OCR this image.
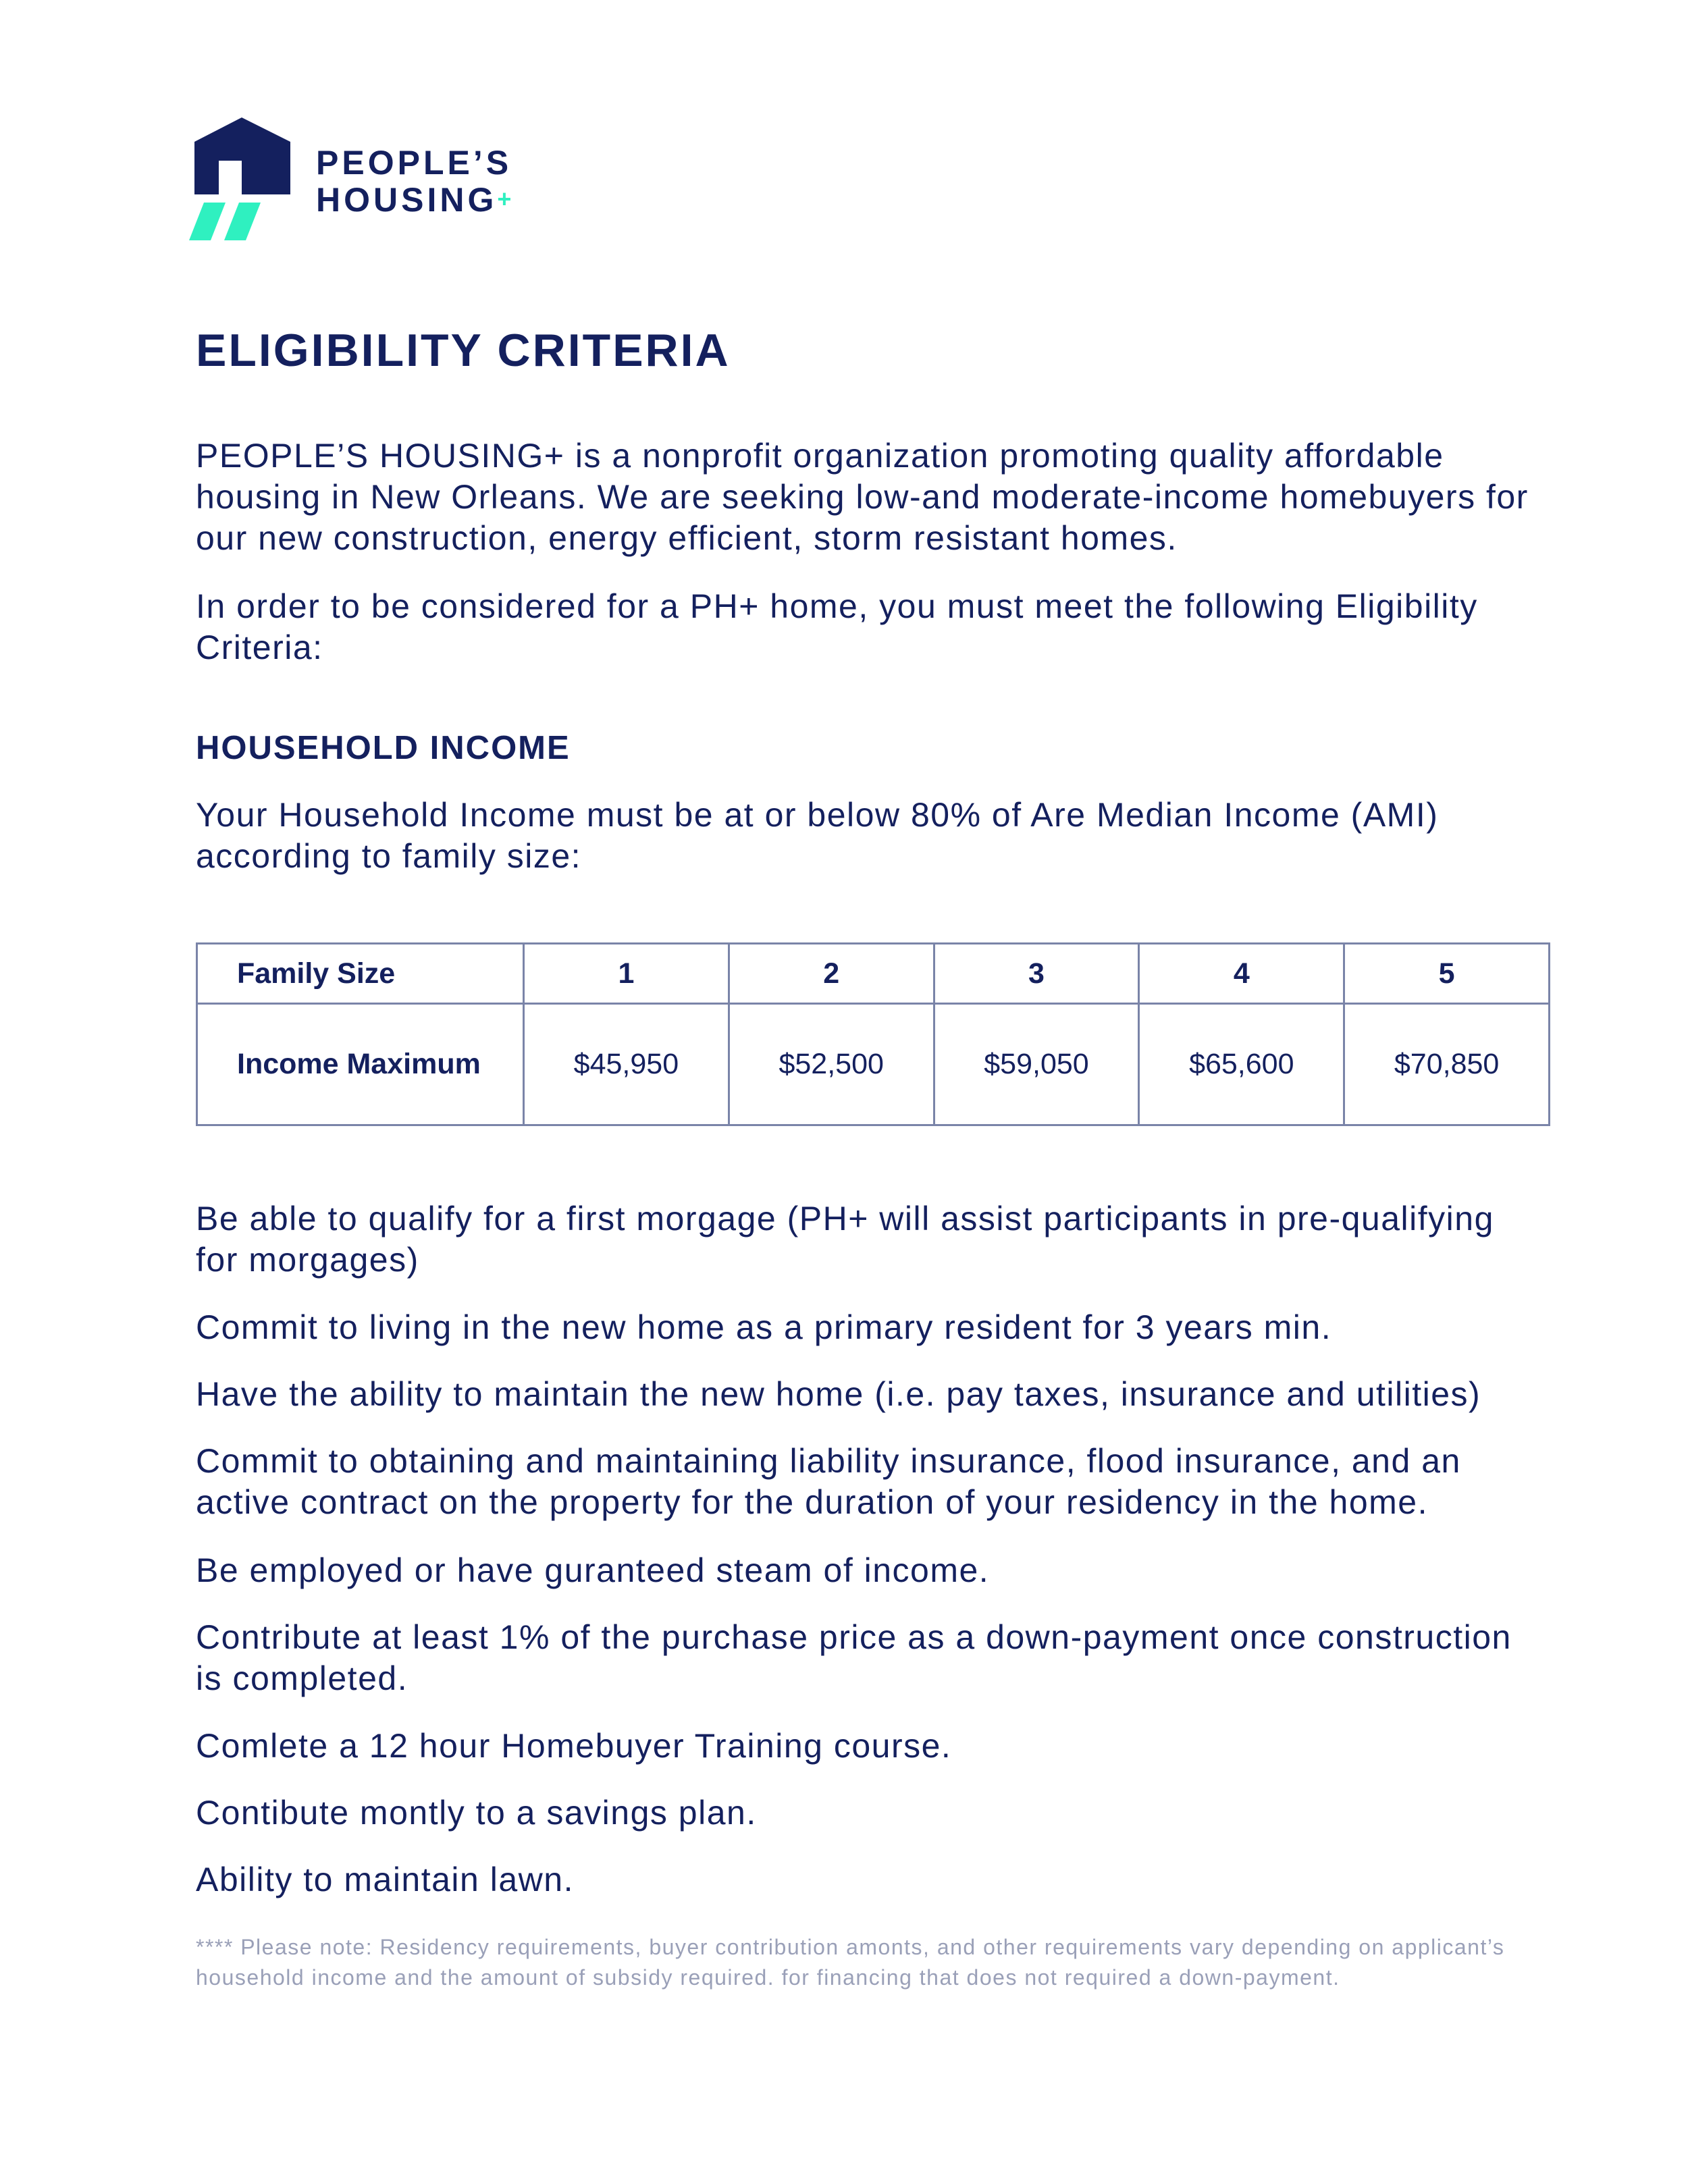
PEOPLE’S
HOUSING+
ELIGIBILITY CRITERIA

PEOPLE’S HOUSING+ is a nonprofit organization promoting quality affordable housing in New Orleans. We are seeking low-and moderate-income homebuyers for our new construction, energy efficient, storm resistant homes.

In order to be considered for a PH+ home, you must meet the following Eligibility Criteria:

HOUSEHOLD INCOME

Your Household Income must be at or below 80% of Are Median Income (AMI) according to family size:

Family Size	1	2	3	4	5
Income Maximum	$45,950	$52,500	$59,050	$65,600	$70,850

Be able to qualify for a first morgage (PH+ will assist participants in pre-qualifying for morgages)

Commit to living in the new home as a primary resident for 3 years min.

Have the ability to maintain the new home (i.e. pay taxes, insurance and utilities)

Commit to obtaining and maintaining liability insurance, flood insurance, and an active contract on the property for the duration of your residency in the home.

Be employed or have guranteed steam of income.

Contribute at least 1% of the purchase price as a down-payment once construction is completed.

Comlete a 12 hour Homebuyer Training course.

Contibute montly to a savings plan.

Ability to maintain lawn.

**** Please note: Residency requirements, buyer contribution amonts, and other requirements vary depending on applicant’s household income and the amount of subsidy required. for financing that does not required a down-payment.
